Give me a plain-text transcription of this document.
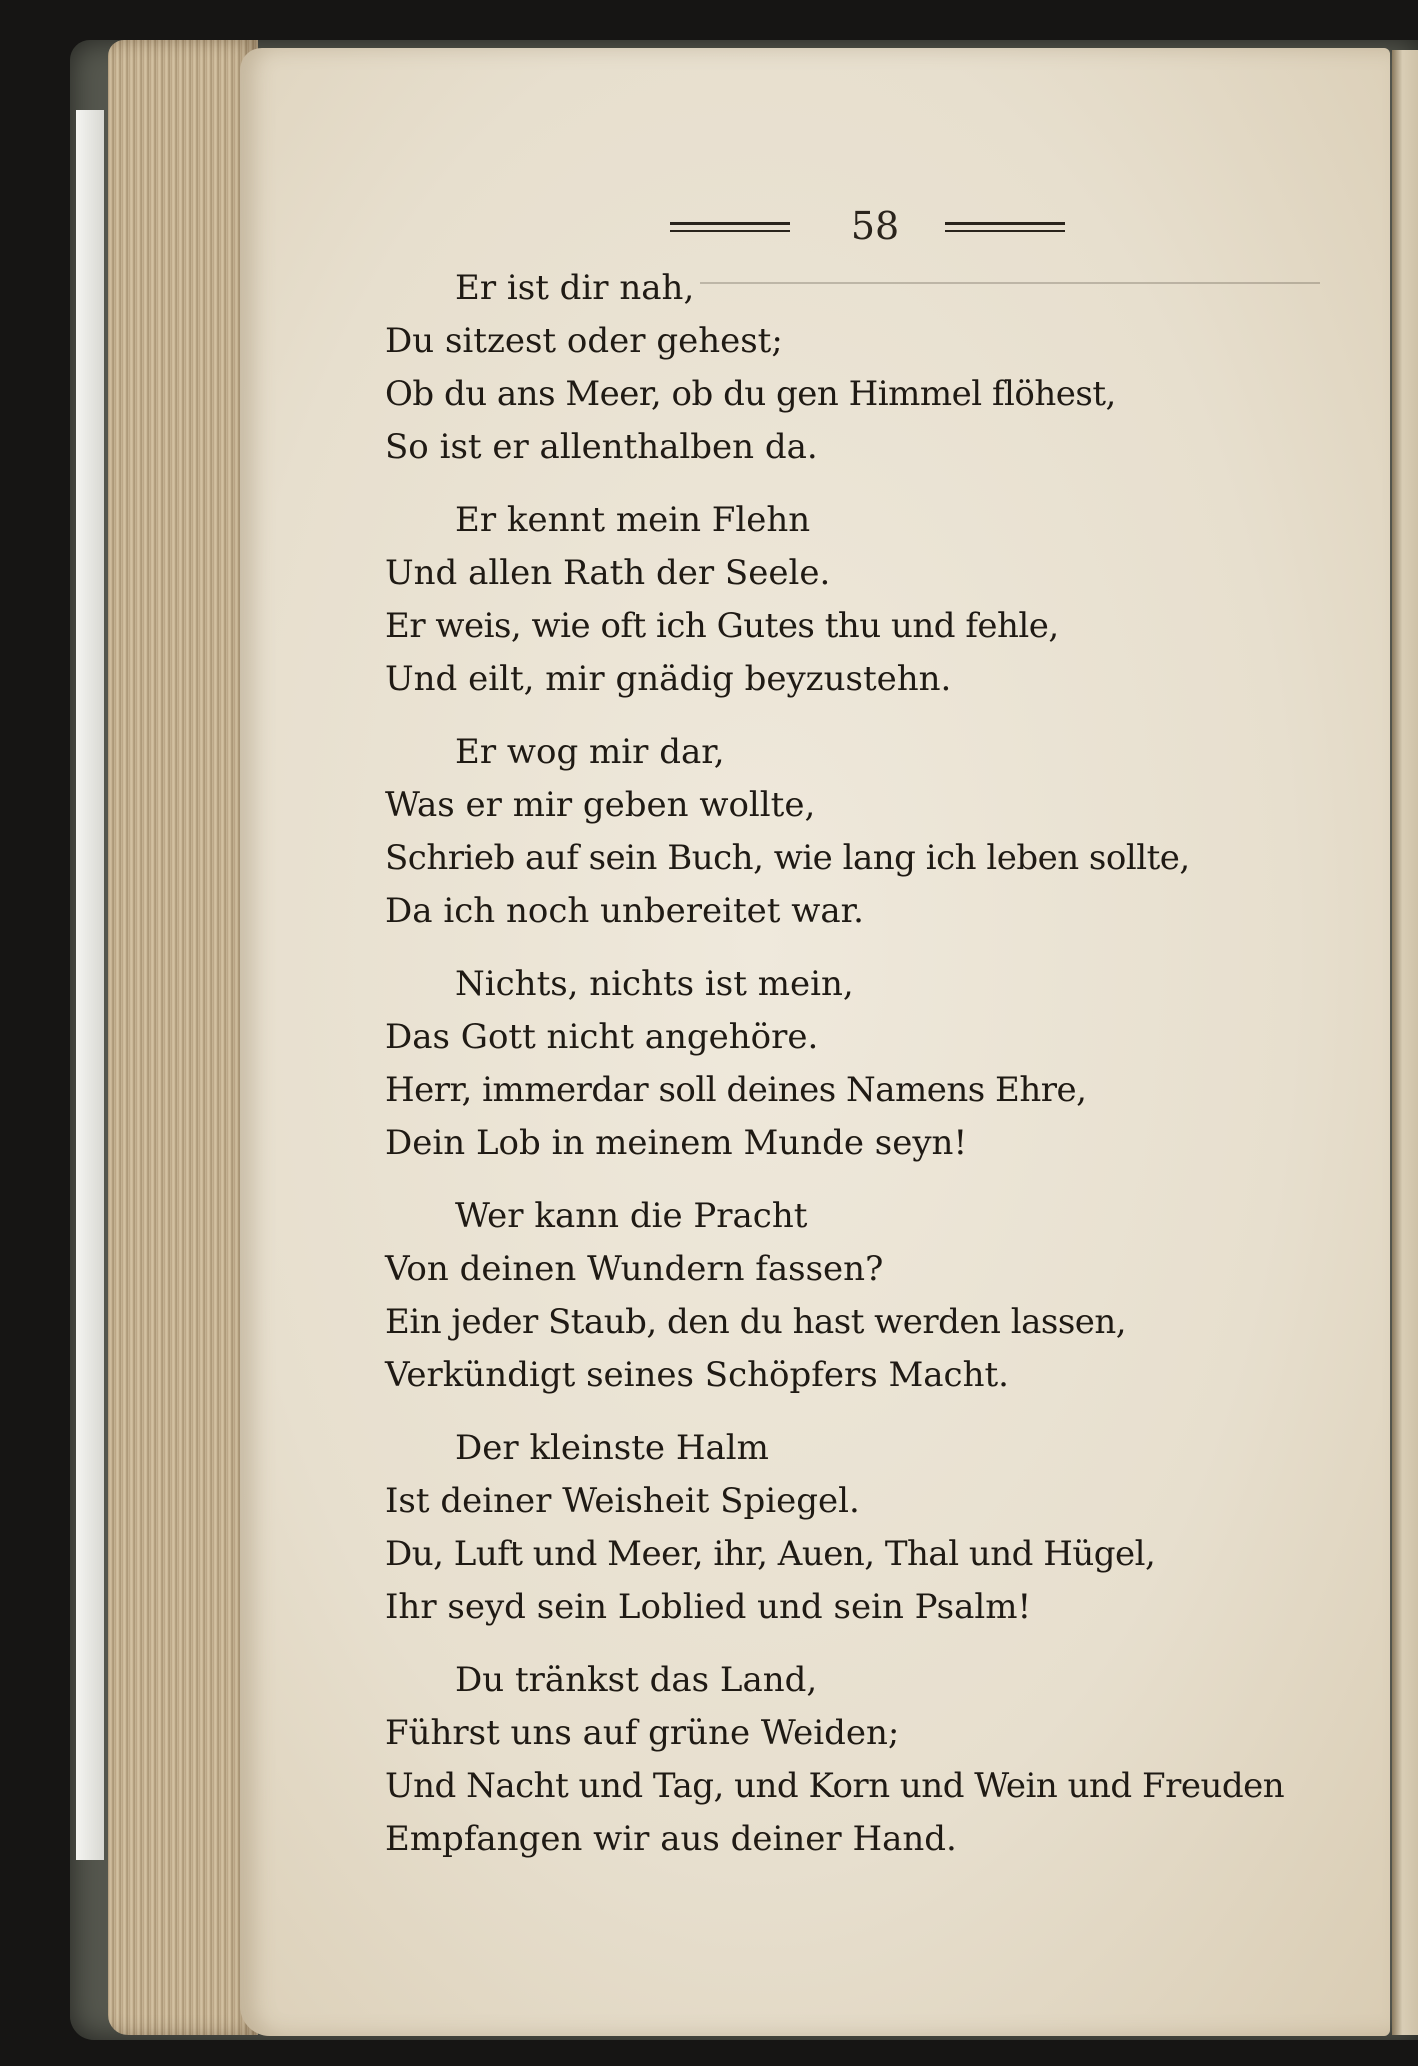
58
Er ist dir nah,
Du sitzest oder gehest;
Ob du ans Meer, ob du gen Himmel flöhest,
So ist er allenthalben da.
Er kennt mein Flehn
Und allen Rath der Seele.
Er weis, wie oft ich Gutes thu und fehle,
Und eilt, mir gnädig beyzustehn.
Er wog mir dar,
Was er mir geben wollte,
Schrieb auf sein Buch, wie lang ich leben sollte,
Da ich noch unbereitet war.
Nichts, nichts ist mein,
Das Gott nicht angehöre.
Herr, immerdar soll deines Namens Ehre,
Dein Lob in meinem Munde seyn!
Wer kann die Pracht
Von deinen Wundern fassen?
Ein jeder Staub, den du hast werden lassen,
Verkündigt seines Schöpfers Macht.
Der kleinste Halm
Ist deiner Weisheit Spiegel.
Du, Luft und Meer, ihr, Auen, Thal und Hügel,
Ihr seyd sein Loblied und sein Psalm!
Du tränkst das Land,
Führst uns auf grüne Weiden;
Und Nacht und Tag, und Korn und Wein und Freuden
Empfangen wir aus deiner Hand.
